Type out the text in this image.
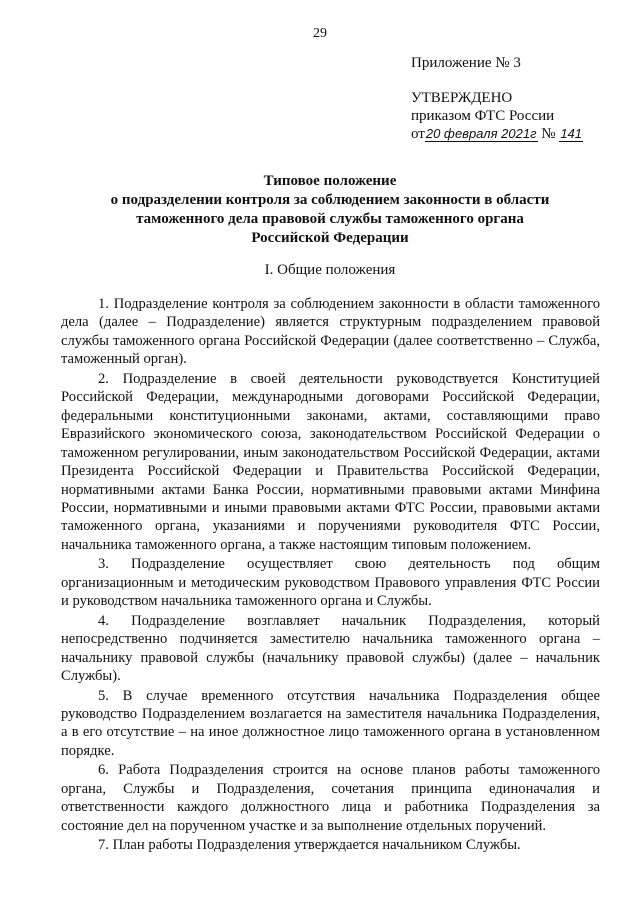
29
Приложение № 3
УТВЕРЖДЕНО
приказом ФТС России
от20 февраля 2021г № 141
Типовое положение
о подразделении контроля за соблюдением законности в области
таможенного дела правовой службы таможенного органа
Российской Федерации
I. Общие положения

1. Подразделение контроля за соблюдением законности в области таможенного дела (далее – Подразделение) является структурным подразделением правовой службы таможенного органа Российской Федерации (далее соответственно – Служба, таможенный орган).

2. Подразделение в своей деятельности руководствуется Конституцией Российской Федерации, международными договорами Российской Федерации, федеральными конституционными законами, актами, составляющими право Евразийского экономического союза, законодательством Российской Федерации о таможенном регулировании, иным законодательством Российской Федерации, актами Президента Российской Федерации и Правительства Российской Федерации, нормативными актами Банка России, нормативными правовыми актами Минфина России, нормативными и иными правовыми актами ФТС России, правовыми актами таможенного органа, указаниями и поручениями руководителя ФТС России, начальника таможенного органа, а также настоящим типовым положением.

3. Подразделение осуществляет свою деятельность под общим организационным и методическим руководством Правового управления ФТС России и руководством начальника таможенного органа и Службы.

4. Подразделение возглавляет начальник Подразделения, который непосредственно подчиняется заместителю начальника таможенного органа – начальнику правовой службы (начальнику правовой службы) (далее – начальник Службы).

5. В случае временного отсутствия начальника Подразделения общее руководство Подразделением возлагается на заместителя начальника Подразделения, а в его отсутствие – на иное должностное лицо таможенного органа в установленном порядке.

6. Работа Подразделения строится на основе планов работы таможенного органа, Службы и Подразделения, сочетания принципа единоначалия и ответственности каждого должностного лица и работника Подразделения за состояние дел на порученном участке и за выполнение отдельных поручений.

7. План работы Подразделения утверждается начальником Службы.
